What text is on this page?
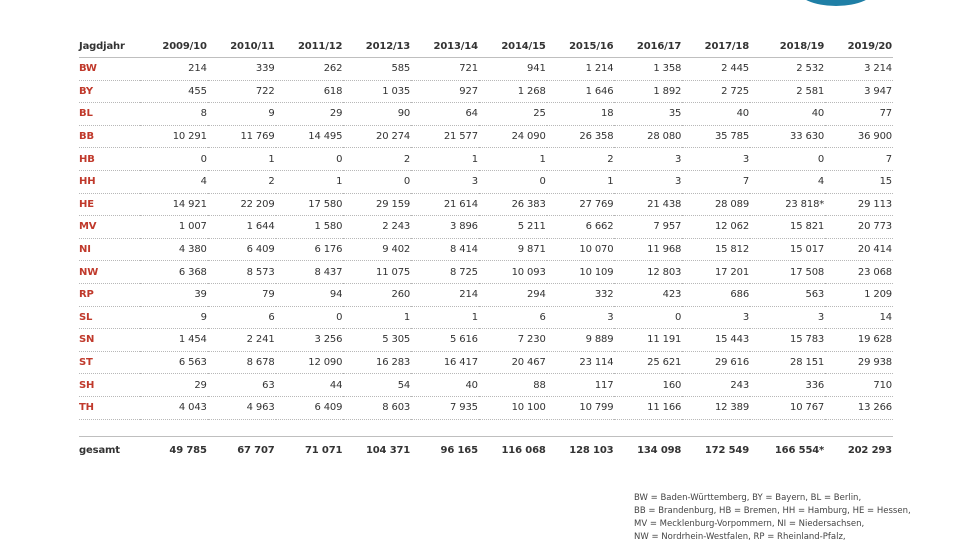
Jagdjahr	2009/10	2010/11	2011/12	2012/13	2013/14	2014/15	2015/16	2016/17	2017/18	2018/19	2019/20
BW	214	339	262	585	721	941	1 214	1 358	2 445	2 532	3 214
BY	455	722	618	1 035	927	1 268	1 646	1 892	2 725	2 581	3 947
BL	8	9	29	90	64	25	18	35	40	40	77
BB	10 291	11 769	14 495	20 274	21 577	24 090	26 358	28 080	35 785	33 630	36 900
HB	0	1	0	2	1	1	2	3	3	0	7
HH	4	2	1	0	3	0	1	3	7	4	15
HE	14 921	22 209	17 580	29 159	21 614	26 383	27 769	21 438	28 089	23 818*	29 113
MV	1 007	1 644	1 580	2 243	3 896	5 211	6 662	7 957	12 062	15 821	20 773
NI	4 380	6 409	6 176	9 402	8 414	9 871	10 070	11 968	15 812	15 017	20 414
NW	6 368	8 573	8 437	11 075	8 725	10 093	10 109	12 803	17 201	17 508	23 068
RP	39	79	94	260	214	294	332	423	686	563	1 209
SL	9	6	0	1	1	6	3	0	3	3	14
SN	1 454	2 241	3 256	5 305	5 616	7 230	9 889	11 191	15 443	15 783	19 628
ST	6 563	8 678	12 090	16 283	16 417	20 467	23 114	25 621	29 616	28 151	29 938
SH	29	63	44	54	40	88	117	160	243	336	710
TH	4 043	4 963	6 409	8 603	7 935	10 100	10 799	11 166	12 389	10 767	13 266

gesamt	49 785	67 707	71 071	104 371	96 165	116 068	128 103	134 098	172 549	166 554*	202 293
BW = Baden-Württemberg, BY = Bayern, BL = Berlin,
BB = Brandenburg, HB = Bremen, HH = Hamburg, HE = Hessen,
MV = Mecklenburg-Vorpommern, NI = Niedersachsen,
NW = Nordrhein-Westfalen, RP = Rheinland-Pfalz,
